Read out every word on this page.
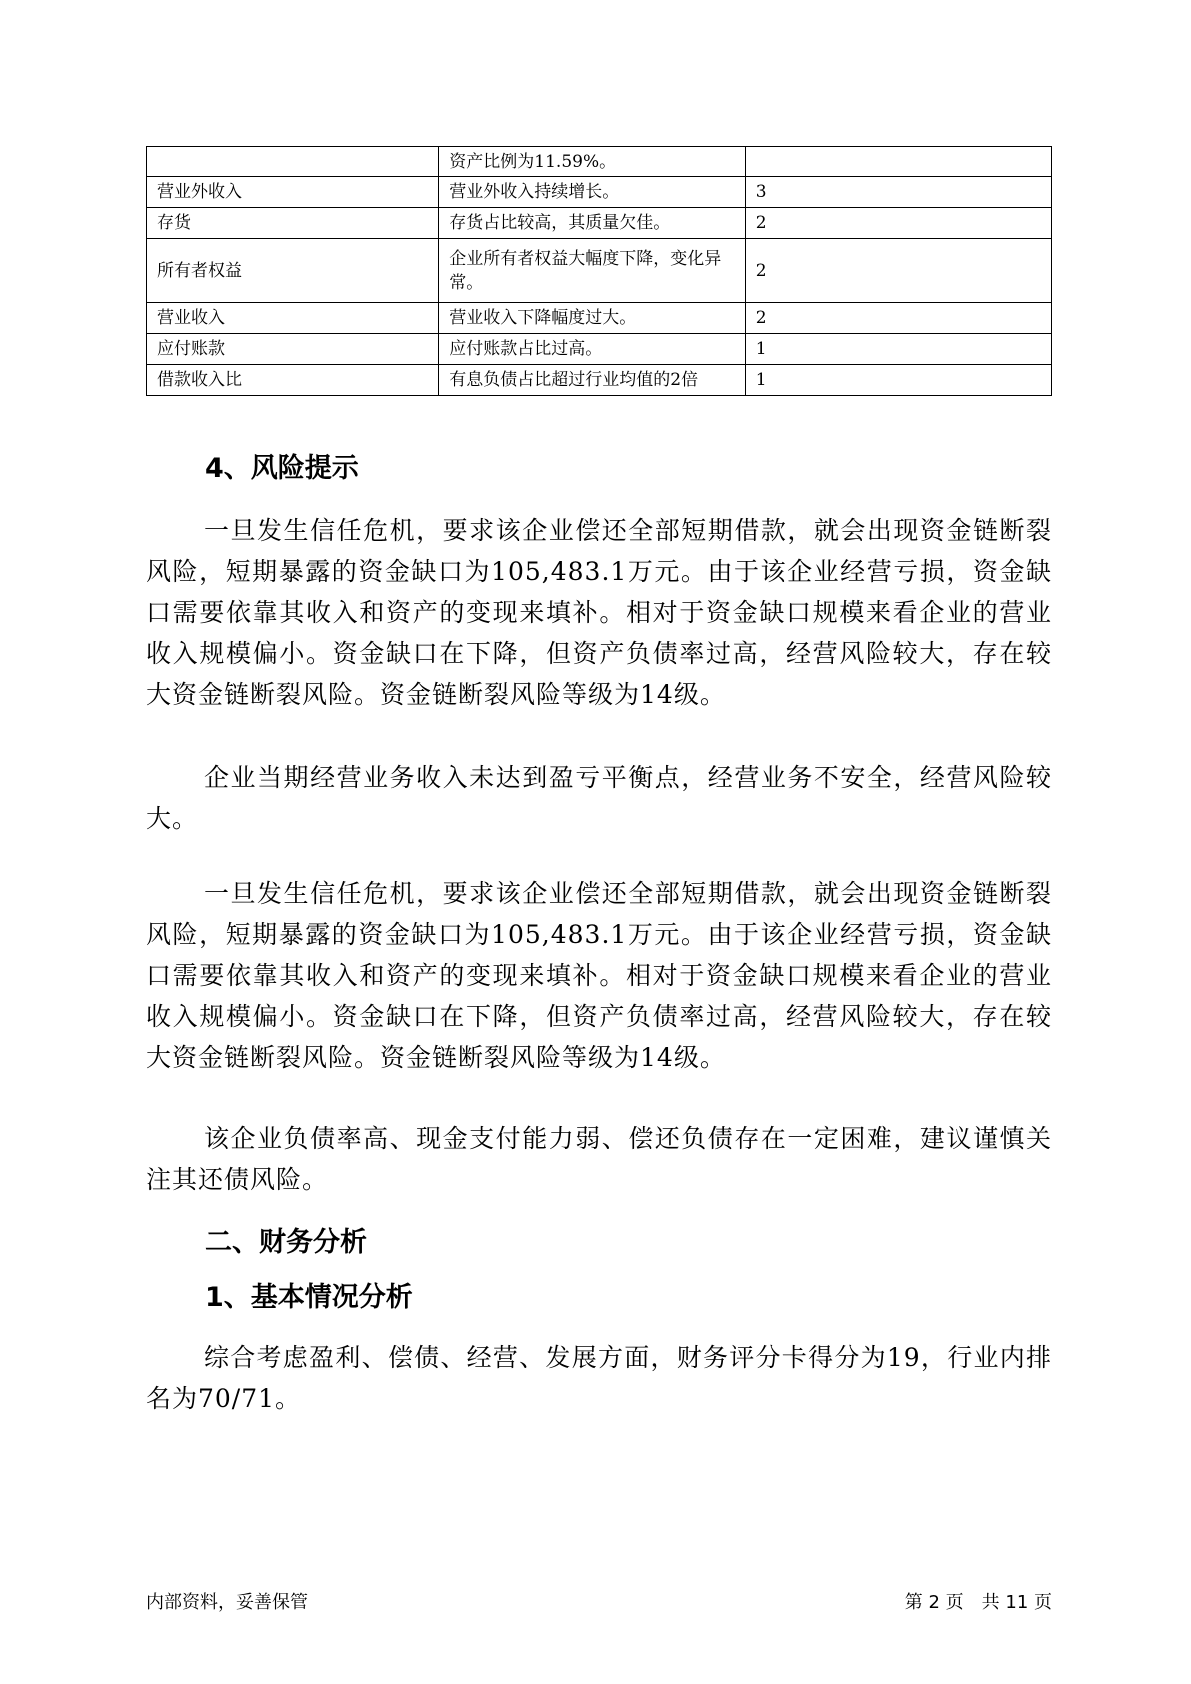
	资产比例为11.59%。	
营业外收入	营业外收入持续增长。	3
存货	存货占比较高，其质量欠佳。	2
所有者权益	企业所有者权益大幅度下降，变化异常。	2
营业收入	营业收入下降幅度过大。	2
应付账款	应付账款占比过高。	1
借款收入比	有息负债占比超过行业均值的2倍	1
4、风险提示

一旦发生信任危机，要求该企业偿还全部短期借款，就会出现资金链断裂风险，短期暴露的资金缺口为105,483.1万元。由于该企业经营亏损，资金缺口需要依靠其收入和资产的变现来填补。相对于资金缺口规模来看企业的营业收入规模偏小。资金缺口在下降，但资产负债率过高，经营风险较大，存在较大资金链断裂风险。资金链断裂风险等级为14级。

企业当期经营业务收入未达到盈亏平衡点，经营业务不安全，经营风险较大。

一旦发生信任危机，要求该企业偿还全部短期借款，就会出现资金链断裂风险，短期暴露的资金缺口为105,483.1万元。由于该企业经营亏损，资金缺口需要依靠其收入和资产的变现来填补。相对于资金缺口规模来看企业的营业收入规模偏小。资金缺口在下降，但资产负债率过高，经营风险较大，存在较大资金链断裂风险。资金链断裂风险等级为14级。

该企业负债率高、现金支付能力弱、偿还负债存在一定困难，建议谨慎关注其还债风险。

二、财务分析
1、基本情况分析

综合考虑盈利、偿债、经营、发展方面，财务评分卡得分为19，行业内排名为70/71。

内部资料，妥善保管	第 2 页　共 11 页
